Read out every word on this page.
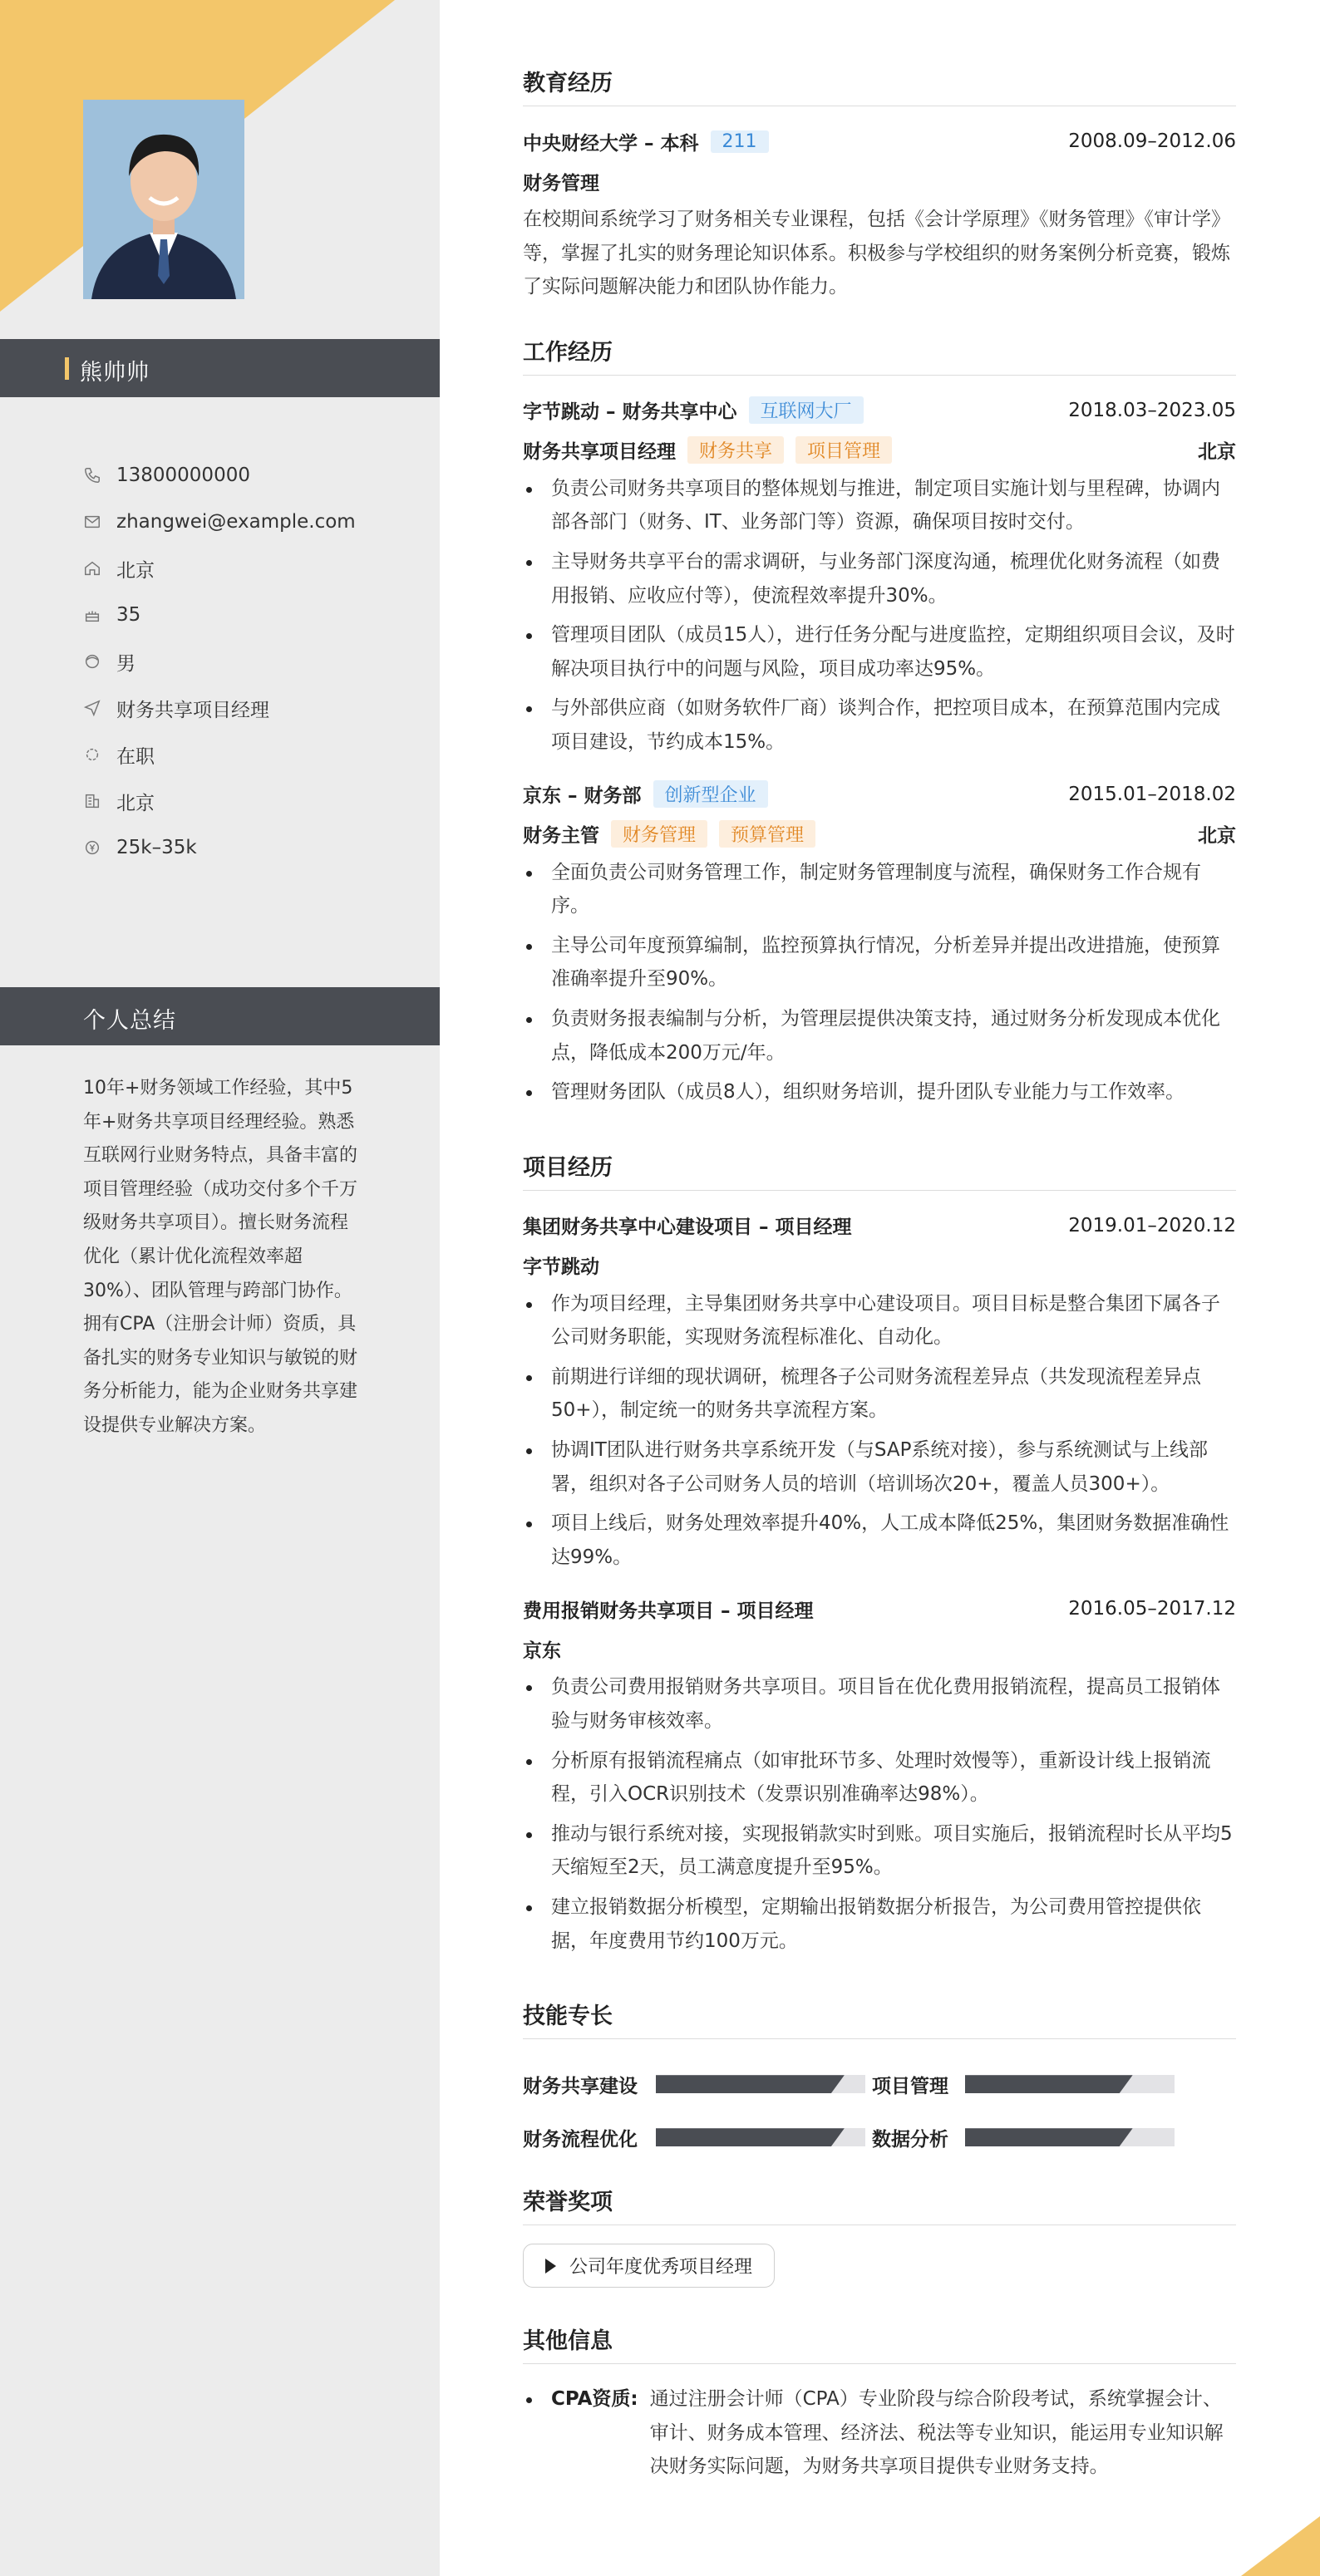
熊帅帅
13800000000
zhangwei@example.com
北京
35
男
财务共享项目经理
在职
北京
25k–35k
个人总结
10年+财务领域工作经验，其中5年+财务共享项目经理经验。熟悉互联网行业财务特点，具备丰富的项目管理经验（成功交付多个千万级财务共享项目）。擅长财务流程优化（累计优化流程效率超30%）、团队管理与跨部门协作。拥有CPA（注册会计师）资质，具备扎实的财务专业知识与敏锐的财务分析能力，能为企业财务共享建设提供专业解决方案。
教育经历
中央财经大学 – 本科	211	2008.09–2012.06
财务管理

在校期间系统学习了财务相关专业课程，包括《会计学原理》《财务管理》《审计学》等，掌握了扎实的财务理论知识体系。积极参与学校组织的财务案例分析竞赛，锻炼了实际问题解决能力和团队协作能力。

工作经历
字节跳动 – 财务共享中心	互联网大厂	2018.03–2023.05
财务共享项目经理	财务共享	项目管理	北京
负责公司财务共享项目的整体规划与推进，制定项目实施计划与里程碑，协调内部各部门（财务、IT、业务部门等）资源，确保项目按时交付。
主导财务共享平台的需求调研，与业务部门深度沟通，梳理优化财务流程（如费用报销、应收应付等），使流程效率提升30%。
管理项目团队（成员15人），进行任务分配与进度监控，定期组织项目会议，及时解决项目执行中的问题与风险，项目成功率达95%。
与外部供应商（如财务软件厂商）谈判合作，把控项目成本，在预算范围内完成项目建设，节约成本15%。
京东 – 财务部	创新型企业	2015.01–2018.02
财务主管	财务管理	预算管理	北京
全面负责公司财务管理工作，制定财务管理制度与流程，确保财务工作合规有序。
主导公司年度预算编制，监控预算执行情况，分析差异并提出改进措施，使预算准确率提升至90%。
负责财务报表编制与分析，为管理层提供决策支持，通过财务分析发现成本优化点，降低成本200万元/年。
管理财务团队（成员8人），组织财务培训，提升团队专业能力与工作效率。
项目经历
集团财务共享中心建设项目 – 项目经理	2019.01–2020.12
字节跳动
作为项目经理，主导集团财务共享中心建设项目。项目目标是整合集团下属各子公司财务职能，实现财务流程标准化、自动化。
前期进行详细的现状调研，梳理各子公司财务流程差异点（共发现流程差异点50+），制定统一的财务共享流程方案。
协调IT团队进行财务共享系统开发（与SAP系统对接），参与系统测试与上线部署，组织对各子公司财务人员的培训（培训场次20+，覆盖人员300+）。
项目上线后，财务处理效率提升40%，人工成本降低25%，集团财务数据准确性达99%。
费用报销财务共享项目 – 项目经理	2016.05–2017.12
京东
负责公司费用报销财务共享项目。项目旨在优化费用报销流程，提高员工报销体验与财务审核效率。
分析原有报销流程痛点（如审批环节多、处理时效慢等），重新设计线上报销流程，引入OCR识别技术（发票识别准确率达98%）。
推动与银行系统对接，实现报销款实时到账。项目实施后，报销流程时长从平均5天缩短至2天，员工满意度提升至95%。
建立报销数据分析模型，定期输出报销数据分析报告，为公司费用管控提供依据，年度费用节约100万元。
技能专长
财务共享建设	项目管理
财务流程优化	数据分析
荣誉奖项
公司年度优秀项目经理
其他信息
CPA资质: 通过注册会计师（CPA）专业阶段与综合阶段考试，系统掌握会计、审计、财务成本管理、经济法、税法等专业知识，能运用专业知识解决财务实际问题，为财务共享项目提供专业财务支持。
